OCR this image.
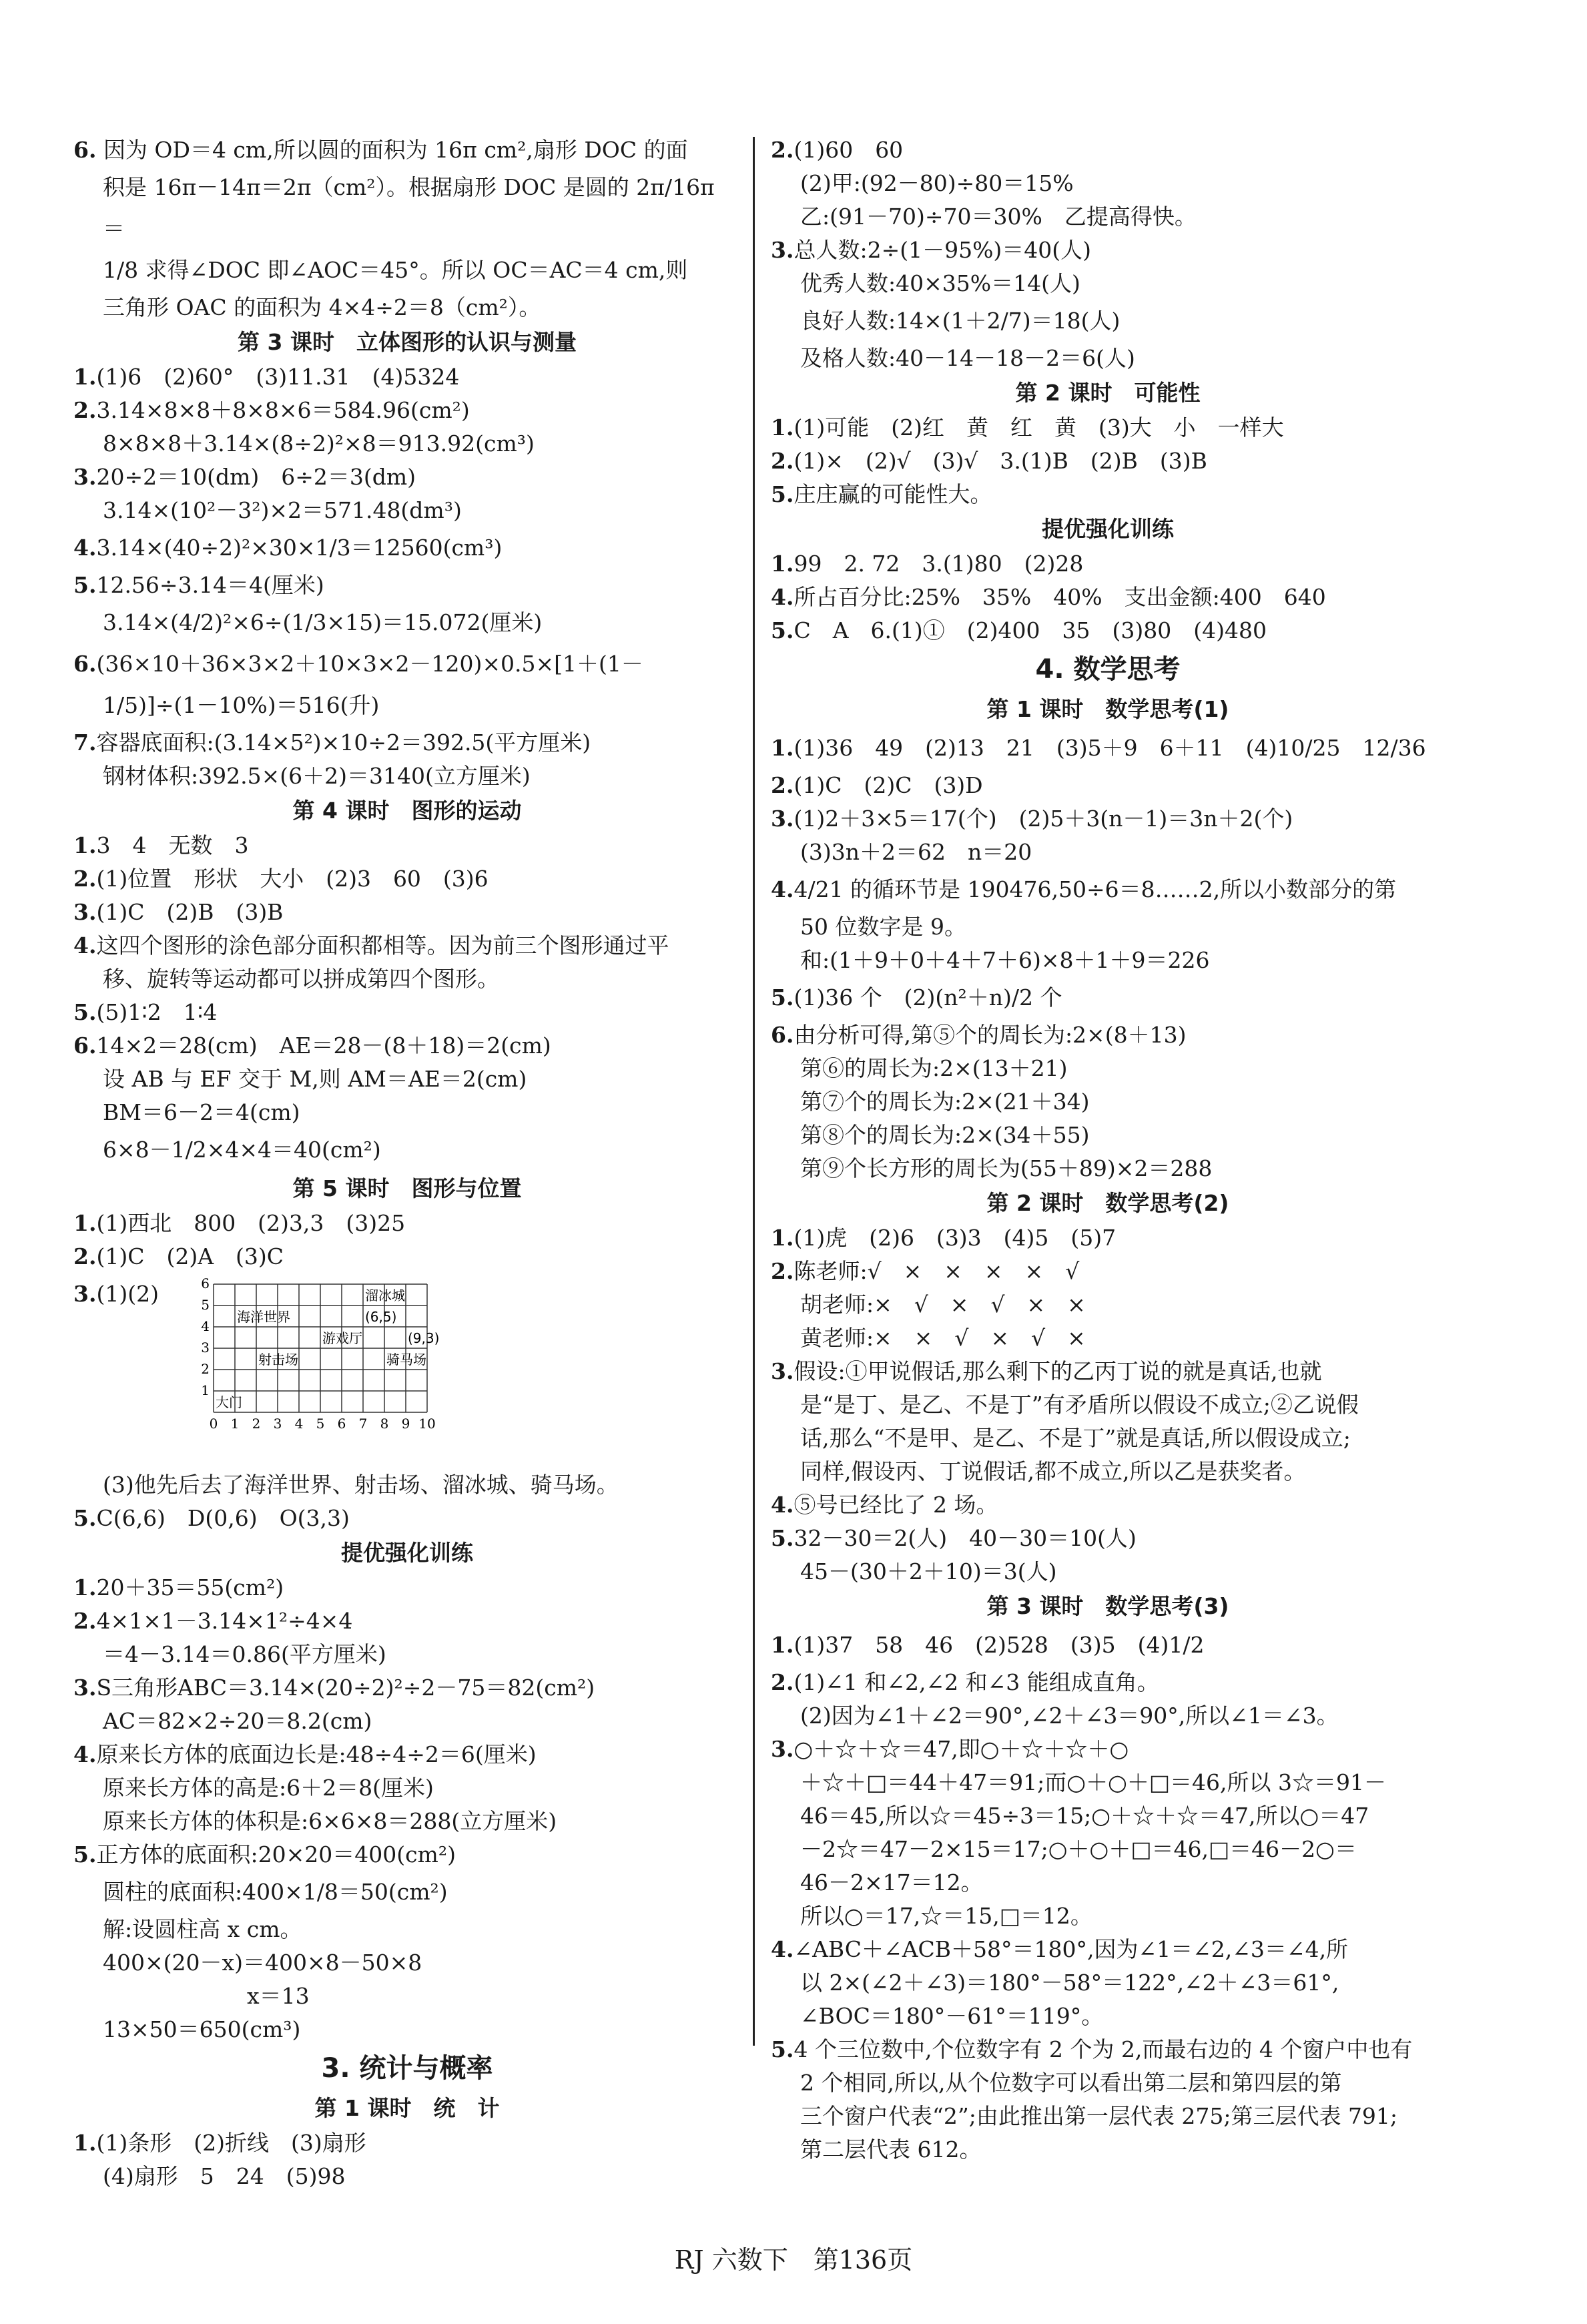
6. 因为 OD＝4 cm,所以圆的面积为 16π cm²,扇形 DOC 的面
积是 16π－14π＝2π（cm²）。根据扇形 DOC 是圆的 2π/16π ＝
1/8 求得∠DOC 即∠AOC＝45°。所以 OC＝AC＝4 cm,则
三角形 OAC 的面积为 4×4÷2＝8（cm²）。
第 3 课时　立体图形的认识与测量
1.(1)6　(2)60°　(3)11.31　(4)5324
2.3.14×8×8＋8×8×6＝584.96(cm²)
8×8×8＋3.14×(8÷2)²×8＝913.92(cm³)
3.20÷2＝10(dm)　6÷2＝3(dm)
3.14×(10²－3²)×2＝571.48(dm³)
4.3.14×(40÷2)²×30×1/3＝12560(cm³)
5.12.56÷3.14＝4(厘米)
3.14×(4/2)²×6÷(1/3×15)＝15.072(厘米)
6.(36×10＋36×3×2＋10×3×2－120)×0.5×[1＋(1－
1/5)]÷(1－10%)＝516(升)
7.容器底面积:(3.14×5²)×10÷2＝392.5(平方厘米)
钢材体积:392.5×(6＋2)＝3140(立方厘米)
第 4 课时　图形的运动
1.3　4　无数　3
2.(1)位置　形状　大小　(2)3　60　(3)6
3.(1)C　(2)B　(3)B
4.这四个图形的涂色部分面积都相等。因为前三个图形通过平
移、旋转等运动都可以拼成第四个图形。
5.(5)1∶2　1∶4
6.14×2＝28(cm)　AE＝28－(8＋18)＝2(cm)
设 AB 与 EF 交于 M,则 AM＝AE＝2(cm)
BM＝6－2＝4(cm)
6×8－1/2×4×4＝40(cm²)
第 5 课时　图形与位置
1.(1)西北　800　(2)3,3　(3)25
2.(1)C　(2)A　(3)C
3.(1)(2)	6
5
4
3
2
1
0 1 2 3 4 5 6 7 8 9 10
溜冰城
(6,5)
海洋世界
游戏厅	(9,3)
射击场	骑马场
大门
(3)他先后去了海洋世界、射击场、溜冰城、骑马场。
5.C(6,6)　D(0,6)　O(3,3)
提优强化训练
1.20＋35＝55(cm²)
2.4×1×1－3.14×1²÷4×4
＝4－3.14＝0.86(平方厘米)
3.S三角形ABC＝3.14×(20÷2)²÷2－75＝82(cm²)
AC＝82×2÷20＝8.2(cm)
4.原来长方体的底面边长是:48÷4÷2＝6(厘米)
原来长方体的高是:6＋2＝8(厘米)
原来长方体的体积是:6×6×8＝288(立方厘米)
5.正方体的底面积:20×20＝400(cm²)
圆柱的底面积:400×1/8＝50(cm²)
解:设圆柱高 x cm。
400×(20－x)＝400×8－50×8
x＝13
13×50＝650(cm³)
3. 统计与概率
第 1 课时　统　计
1.(1)条形　(2)折线　(3)扇形
(4)扇形　5　24　(5)98
2.(1)60　60
(2)甲:(92－80)÷80＝15%
乙:(91－70)÷70＝30%　乙提高得快。
3.总人数:2÷(1－95%)＝40(人)
优秀人数:40×35%＝14(人)
良好人数:14×(1＋2/7)＝18(人)
及格人数:40－14－18－2＝6(人)
第 2 课时　可能性
1.(1)可能　(2)红　黄　红　黄　(3)大　小　一样大
2.(1)×　(2)√　(3)√　3.(1)B　(2)B　(3)B
5.庄庄赢的可能性大。
提优强化训练
1.99　2. 72　3.(1)80　(2)28
4.所占百分比:25%　35%　40%　支出金额:400　640
5.C　A　6.(1)①　(2)400　35　(3)80　(4)480
4. 数学思考
第 1 课时　数学思考(1)
1.(1)36　49　(2)13　21　(3)5＋9　6＋11　(4)10/25　12/36
2.(1)C　(2)C　(3)D
3.(1)2＋3×5＝17(个)　(2)5＋3(n－1)＝3n＋2(个)
(3)3n＋2＝62　n＝20
4.4/21 的循环节是 190476,50÷6＝8……2,所以小数部分的第
50 位数字是 9。
和:(1＋9＋0＋4＋7＋6)×8＋1＋9＝226
5.(1)36 个　(2)(n²＋n)/2 个
6.由分析可得,第⑤个的周长为:2×(8＋13)
第⑥的周长为:2×(13＋21)
第⑦个的周长为:2×(21＋34)
第⑧个的周长为:2×(34＋55)
第⑨个长方形的周长为(55＋89)×2＝288
第 2 课时　数学思考(2)
1.(1)虎　(2)6　(3)3　(4)5　(5)7
2.陈老师:√　×　×　×　×　√
胡老师:×　√　×　√　×　×
黄老师:×　×　√　×　√　×
3.假设:①甲说假话,那么剩下的乙丙丁说的就是真话,也就
是“是丁、是乙、不是丁”有矛盾所以假设不成立;②乙说假
话,那么“不是甲、是乙、不是丁”就是真话,所以假设成立;
同样,假设丙、丁说假话,都不成立,所以乙是获奖者。
4.⑤号已经比了 2 场。
5.32－30＝2(人)　40－30＝10(人)
45－(30＋2＋10)＝3(人)
第 3 课时　数学思考(3)
1.(1)37　58　46　(2)528　(3)5　(4)1/2
2.(1)∠1 和∠2,∠2 和∠3 能组成直角。
(2)因为∠1＋∠2＝90°,∠2＋∠3＝90°,所以∠1＝∠3。
3.○＋☆＋☆＝47,即○＋☆＋☆＋○
＋☆＋□＝44＋47＝91;而○＋○＋□＝46,所以 3☆＝91－
46＝45,所以☆＝45÷3＝15;○＋☆＋☆＝47,所以○＝47
－2☆＝47－2×15＝17;○＋○＋□＝46,□＝46－2○＝
46－2×17＝12。
所以○＝17,☆＝15,□＝12。
4.∠ABC＋∠ACB＋58°＝180°,因为∠1＝∠2,∠3＝∠4,所
以 2×(∠2＋∠3)＝180°－58°＝122°,∠2＋∠3＝61°,
∠BOC＝180°－61°＝119°。
5.4 个三位数中,个位数字有 2 个为 2,而最右边的 4 个窗户中也有
2 个相同,所以,从个位数字可以看出第二层和第四层的第
三个窗户代表“2”;由此推出第一层代表 275;第三层代表 791;
第二层代表 612。
RJ 六数下　第136页
